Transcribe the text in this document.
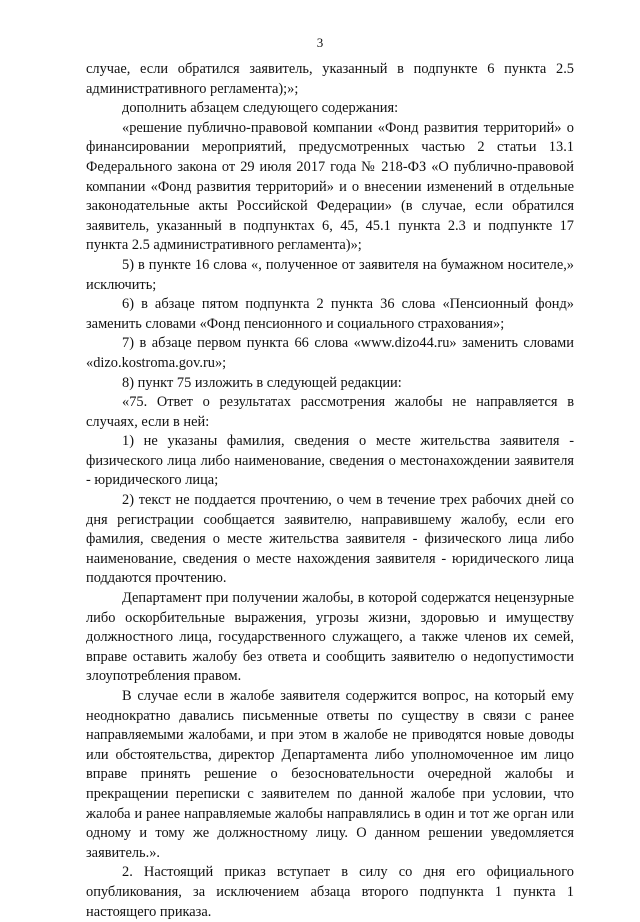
3

случае, если обратился заявитель, указанный в подпункте 6 пункта 2.5 административного регламента);»;

дополнить абзацем следующего содержания:

«решение публично-правовой компании «Фонд развития территорий» о финансировании мероприятий, предусмотренных частью 2 статьи 13.1 Федерального закона от 29 июля 2017 года № 218-ФЗ «О публично-правовой компании «Фонд развития территорий» и о внесении изменений в отдельные законодательные акты Российской Федерации» (в случае, если обратился заявитель, указанный в подпунктах 6, 45, 45.1 пункта 2.3 и подпункте 17 пункта 2.5 административного регламента)»;

5) в пункте 16 слова «, полученное от заявителя на бумажном носителе,» исключить;

6) в абзаце пятом подпункта 2 пункта 36 слова «Пенсионный фонд» заменить словами «Фонд пенсионного и социального страхования»;

7) в абзаце первом пункта 66 слова «www.dizo44.ru» заменить словами «dizo.kostroma.gov.ru»;

8) пункт 75 изложить в следующей редакции:

«75. Ответ о результатах рассмотрения жалобы не направляется в случаях, если в ней:

1) не указаны фамилия, сведения о месте жительства заявителя - физического лица либо наименование, сведения о местонахождении заявителя - юридического лица;

2) текст не поддается прочтению, о чем в течение трех рабочих дней со дня регистрации сообщается заявителю, направившему жалобу, если его фамилия, сведения о месте жительства заявителя - физического лица либо наименование, сведения о месте нахождения заявителя - юридического лица поддаются прочтению.

Департамент при получении жалобы, в которой содержатся нецензурные либо оскорбительные выражения, угрозы жизни, здоровью и имуществу должностного лица, государственного служащего, а также членов их семей, вправе оставить жалобу без ответа и сообщить заявителю о недопустимости злоупотребления правом.

В случае если в жалобе заявителя содержится вопрос, на который ему неоднократно давались письменные ответы по существу в связи с ранее направляемыми жалобами, и при этом в жалобе не приводятся новые доводы или обстоятельства, директор Департамента либо уполномоченное им лицо вправе принять решение о безосновательности очередной жалобы и прекращении переписки с заявителем по данной жалобе при условии, что жалоба и ранее направляемые жалобы направлялись в один и тот же орган или одному и тому же должностному лицу. О данном решении уведомляется заявитель.».

2. Настоящий приказ вступает в силу со дня его официального опубликования, за исключением абзаца второго подпункта 1 пункта 1 настоящего приказа.
